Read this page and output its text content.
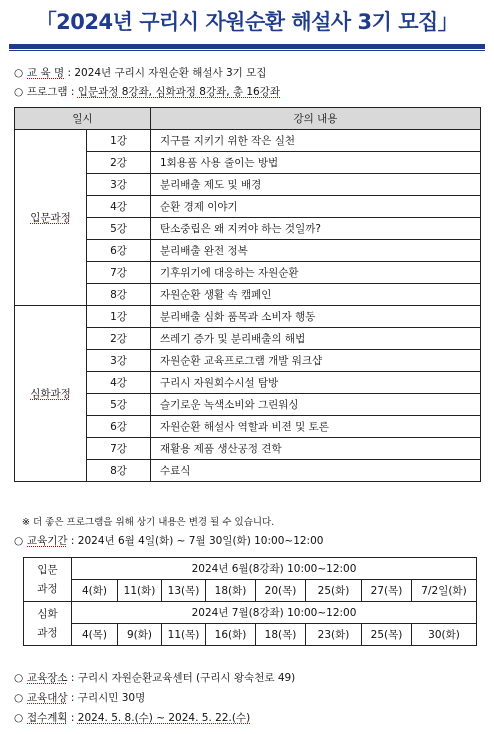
「2024년 구리시 자원순환 해설사 3기 모집」
○ 교 육 명 : 2024년 구리시 자원순환 해설사 3기 모집
○ 프로그램 : 입문과정 8강좌, 심화과정 8강좌, 총 16강좌
일시		강의 내용
입문과정	1강	지구를 지키기 위한 작은 실천
	2강	1회용품 사용 줄이는 방법
	3강	분리배출 제도 및 배경
	4강	순환 경제 이야기
	5강	탄소중립은 왜 지켜야 하는 것일까?
	6강	분리배출 완전 정복
	7강	기후위기에 대응하는 자원순환
	8강	자원순환 생활 속 캠페인
심화과정	1강	분리배출 심화 품목과 소비자 행동
	2강	쓰레기 증가 및 분리배출의 해법
	3강	자원순환 교육프로그램 개발 워크샵
	4강	구리시 자원회수시설 탐방
	5강	슬기로운 녹색소비와 그린워싱
	6강	자원순환 해설사 역할과 비젼 및 토론
	7강	재활용 제품 생산공정 견학
	8강	수료식
※ 더 좋은 프로그램을 위해 상기 내용은 변경 될 수 있습니다.
○ 교육기간 : 2024년 6월 4일(화) ~ 7월 30일(화) 10:00~12:00
입문
과정	2024년 6월(8강좌) 10:00~12:00							
	4(화)	11(화)	13(목)	18(화)	20(목)	25(화)	27(목)	7/2일(화)

심화
과정	2024년 7월(8강좌) 10:00~12:00							
	4(목)	9(화)	11(목)	16(화)	18(목)	23(화)	25(목)	30(화)
○ 교육장소 : 구리시 자원순환교육센터 (구리시 왕숙천로 49)
○ 교육대상 : 구리시민 30명
○ 접수계획 : 2024. 5. 8.(수) ~ 2024. 5. 22.(수)
